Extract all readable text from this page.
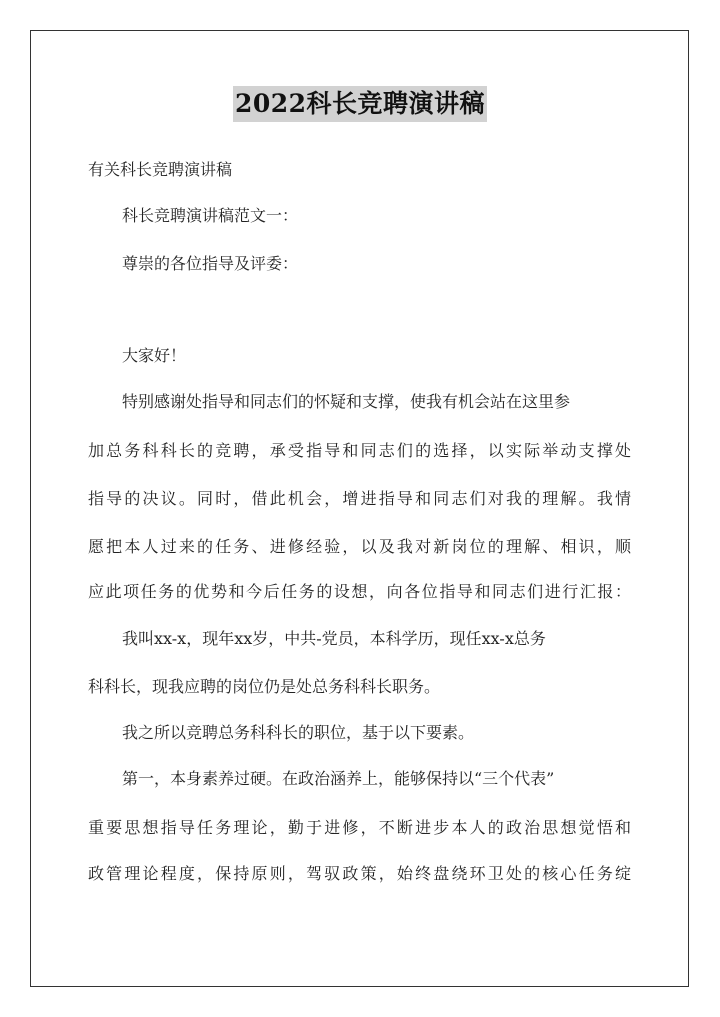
2022科长竞聘演讲稿
有关科长竞聘演讲稿
科长竞聘演讲稿范文一：
尊崇的各位指导及评委：
大家好！
特别感谢处指导和同志们的怀疑和支撑，使我有机会站在这里参
加总务科科长的竞聘，承受指导和同志们的选择，以实际举动支撑处
指导的决议。同时，借此机会，增进指导和同志们对我的理解。我情
愿把本人过来的任务、进修经验，以及我对新岗位的理解、相识，顺
应此项任务的优势和今后任务的设想，向各位指导和同志们进行汇报：
我叫xx-x，现年xx岁，中共-党员，本科学历，现任xx-x总务
科科长，现我应聘的岗位仍是处总务科科长职务。
我之所以竞聘总务科科长的职位，基于以下要素。
第一，本身素养过硬。在政治涵养上，能够保持以“三个代表”
重要思想指导任务理论，勤于进修，不断进步本人的政治思想觉悟和
政管理论程度，保持原则，驾驭政策，始终盘绕环卫处的核心任务绽
